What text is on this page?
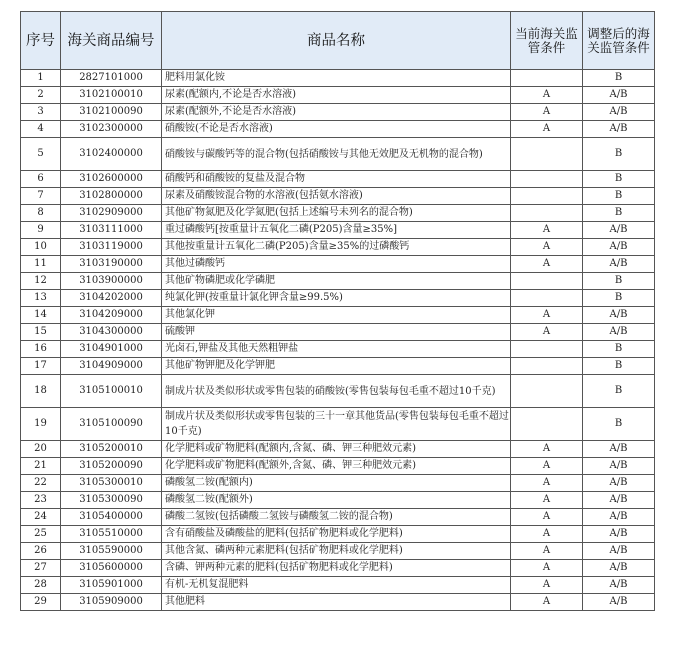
序号	海关商品编号	商品名称	当前海关监管条件	调整后的海关监管条件
1	2827101000	肥料用氯化铵		B
2	3102100010	尿素(配额内,不论是否水溶液)	A	A/B
3	3102100090	尿素(配额外,不论是否水溶液)	A	A/B
4	3102300000	硝酸铵(不论是否水溶液)	A	A/B
5	3102400000	硝酸铵与碳酸钙等的混合物(包括硝酸铵与其他无效肥及无机物的混合物)		B
6	3102600000	硝酸钙和硝酸铵的复盐及混合物		B
7	3102800000	尿素及硝酸铵混合物的水溶液(包括氨水溶液)		B
8	3102909000	其他矿物氮肥及化学氮肥(包括上述编号未列名的混合物)		B
9	3103111000	重过磷酸钙[按重量计五氧化二磷(P205)含量≥35%]	A	A/B
10	3103119000	其他按重量计五氧化二磷(P205)含量≥35%的过磷酸钙	A	A/B
11	3103190000	其他过磷酸钙	A	A/B
12	3103900000	其他矿物磷肥或化学磷肥		B
13	3104202000	纯氯化钾(按重量计氯化钾含量≥99.5%)		B
14	3104209000	其他氯化钾	A	A/B
15	3104300000	硫酸钾	A	A/B
16	3104901000	光卤石,钾盐及其他天然粗钾盐		B
17	3104909000	其他矿物钾肥及化学钾肥		B
18	3105100010	制成片状及类似形状或零售包装的硝酸铵(零售包装每包毛重不超过10千克)		B
19	3105100090	制成片状及类似形状或零售包装的三十一章其他货品(零售包装每包毛重不超过10千克)		B
20	3105200010	化学肥料或矿物肥料(配额内,含氮、磷、钾三种肥效元素)	A	A/B
21	3105200090	化学肥料或矿物肥料(配额外,含氮、磷、钾三种肥效元素)	A	A/B
22	3105300010	磷酸氢二铵(配额内)	A	A/B
23	3105300090	磷酸氢二铵(配额外)	A	A/B
24	3105400000	磷酸二氢铵(包括磷酸二氢铵与磷酸氢二铵的混合物)	A	A/B
25	3105510000	含有硝酸盐及磷酸盐的肥料(包括矿物肥料或化学肥料)	A	A/B
26	3105590000	其他含氮、磷两种元素肥料(包括矿物肥料或化学肥料)	A	A/B
27	3105600000	含磷、钾两种元素的肥料(包括矿物肥料或化学肥料)	A	A/B
28	3105901000	有机-无机复混肥料	A	A/B
29	3105909000	其他肥料	A	A/B
